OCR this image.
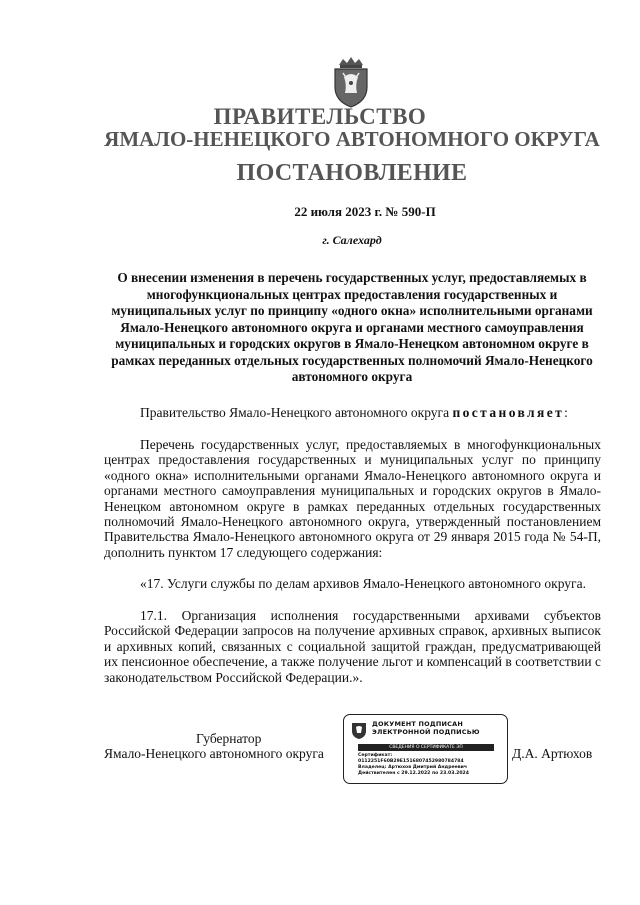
ПРАВИТЕЛЬСТВО
ЯМАЛО-НЕНЕЦКОГО АВТОНОМНОГО ОКРУГА
ПОСТАНОВЛЕНИЕ
22 июля 2023 г. № 590-П
г. Салехард
О внесении изменения в перечень государственных услуг, предоставляемых в многофункциональных центрах предоставления государственных и муниципальных услуг по принципу «одного окна» исполнительными органами Ямало-Ненецкого автономного округа и органами местного самоуправления муниципальных и городских округов в Ямало-Ненецком автономном округе в рамках переданных отдельных государственных полномочий Ямало-Ненецкого автономного округа
Правительство Ямало-Ненецкого автономного округа постановляет:
Перечень государственных услуг, предоставляемых в многофункциональных центрах предоставления государственных и муниципальных услуг по принципу «одного окна» исполнительными органами Ямало-Ненецкого автономного округа и органами местного самоуправления муниципальных и городских округов в Ямало-Ненецком автономном округе в рамках переданных отдельных государственных полномочий Ямало-Ненецкого автономного округа, утвержденный постановлением Правительства Ямало-Ненецкого автономного округа от 29 января 2015 года № 54-П, дополнить пунктом 17 следующего содержания:
«17. Услуги службы по делам архивов Ямало-Ненецкого автономного округа.
17.1. Организация исполнения государственными архивами субъектов Российской Федерации запросов на получение архивных справок, архивных выписок и архивных копий, связанных с социальной защитой граждан, предусматривающей их пенсионное обеспечение, а также получение льгот и компенсаций в соответствии с законодательством Российской Федерации.».
Губернатор
Ямало-Ненецкого автономного округа	Д.А. Артюхов
ДОКУМЕНТ ПОДПИСАН
ЭЛЕКТРОННОЙ ПОДПИСЬЮ
СВЕДЕНИЯ О СЕРТИФИКАТЕ ЭП
Сертификат:
0112251F60B29E1516807452980784784
Владелец: Артюхов Дмитрий Андреевич
Действителен с 29.12.2022 по 23.03.2024
